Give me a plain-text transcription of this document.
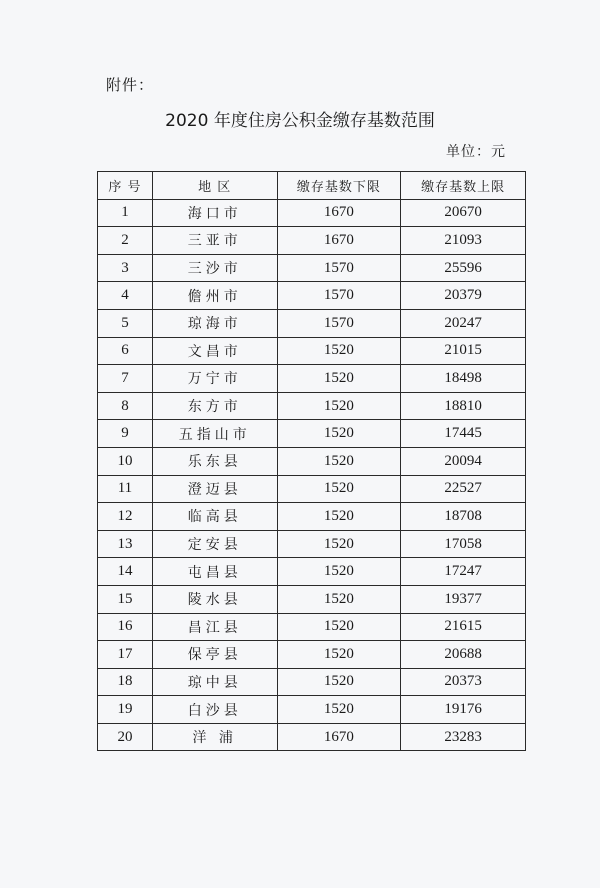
附件：
2020 年度住房公积金缴存基数范围
单位：元
序 号	地 区	缴存基数下限	缴存基数上限
1	海口市	1670	20670
2	三亚市	1670	21093
3	三沙市	1570	25596
4	儋州市	1570	20379
5	琼海市	1570	20247
6	文昌市	1520	21015
7	万宁市	1520	18498
8	东方市	1520	18810
9	五指山市	1520	17445
10	乐东县	1520	20094
11	澄迈县	1520	22527
12	临高县	1520	18708
13	定安县	1520	17058
14	屯昌县	1520	17247
15	陵水县	1520	19377
16	昌江县	1520	21615
17	保亭县	1520	20688
18	琼中县	1520	20373
19	白沙县	1520	19176
20	洋 浦	1670	23283
